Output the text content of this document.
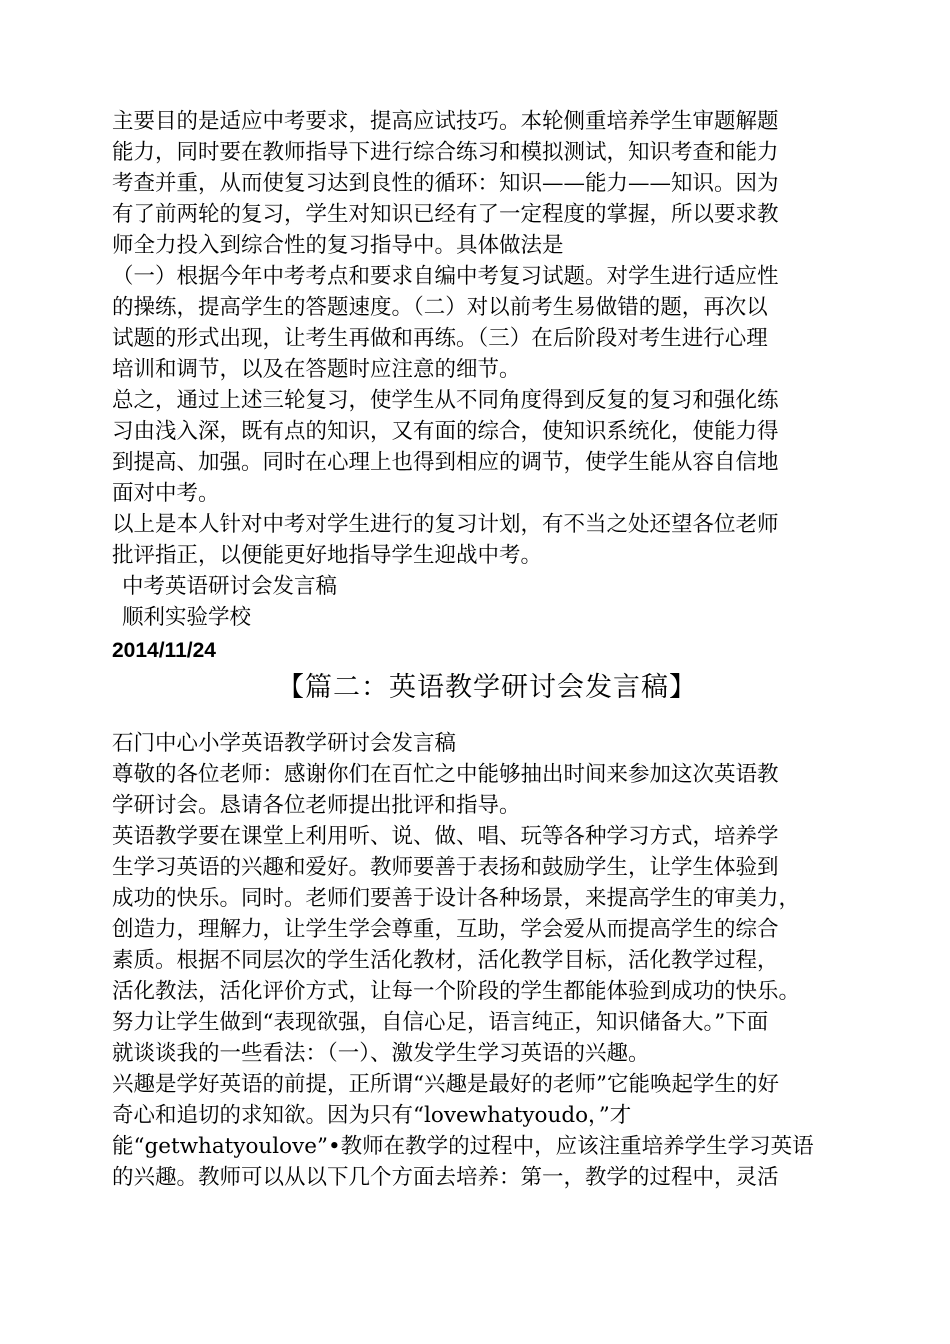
主要目的是适应中考要求，提高应试技巧。本轮侧重培养学生审题解题
能力，同时要在教师指导下进行综合练习和模拟测试，知识考查和能力
考查并重，从而使复习达到良性的循环：知识——能力——知识。因为
有了前两轮的复习，学生对知识已经有了一定程度的掌握，所以要求教
师全力投入到综合性的复习指导中。具体做法是
（一）根据今年中考考点和要求自编中考复习试题。对学生进行适应性
的操练，提高学生的答题速度。（二）对以前考生易做错的题，再次以
试题的形式出现，让考生再做和再练。（三）在后阶段对考生进行心理
培训和调节，以及在答题时应注意的细节。
总之，通过上述三轮复习，使学生从不同角度得到反复的复习和强化练
习由浅入深，既有点的知识，又有面的综合，使知识系统化，使能力得
到提高、加强。同时在心理上也得到相应的调节，使学生能从容自信地
面对中考。
以上是本人针对中考对学生进行的复习计划，有不当之处还望各位老师
批评指正，以便能更好地指导学生迎战中考。
中考英语研讨会发言稿
顺利实验学校
2014/11/24
【篇二：英语教学研讨会发言稿】
石门中心小学英语教学研讨会发言稿
尊敬的各位老师：感谢你们在百忙之中能够抽出时间来参加这次英语教
学研讨会。恳请各位老师提出批评和指导。
英语教学要在课堂上利用听、说、做、唱、玩等各种学习方式，培养学
生学习英语的兴趣和爱好。教师要善于表扬和鼓励学生，让学生体验到
成功的快乐。同时。老师们要善于设计各种场景，来提高学生的审美力，
创造力，理解力，让学生学会尊重，互助，学会爱从而提高学生的综合
素质。根据不同层次的学生活化教材，活化教学目标，活化教学过程，
活化教法，活化评价方式，让每一个阶段的学生都能体验到成功的快乐。
努力让学生做到“表现欲强，自信心足，语言纯正，知识储备大。”下面
就谈谈我的一些看法：（一）、激发学生学习英语的兴趣。
兴趣是学好英语的前提，正所谓“兴趣是最好的老师”它能唤起学生的好
奇心和追切的求知欲。因为只有“lovewhatyoudo，”才
能“getwhatyoulove”•教师在教学的过程中，应该注重培养学生学习英语
的兴趣。教师可以从以下几个方面去培养：第一，教学的过程中，灵活
